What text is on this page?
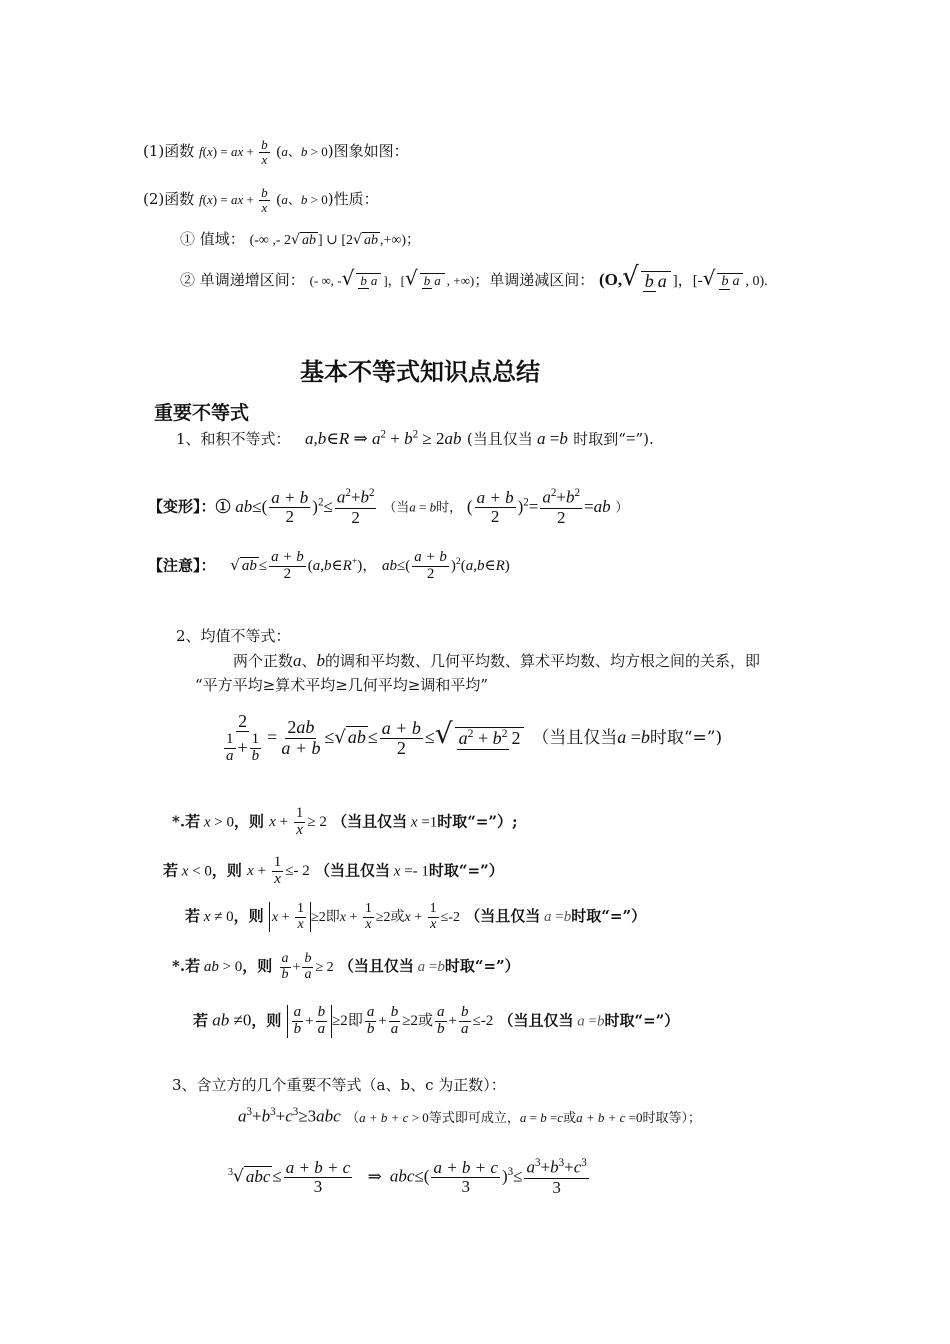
(1)函数 f(x) = ax + $\frac{b}{x} (a$、b > 0)图象如图：
(2)函数 f(x) = ax + $\frac{b}{x} (a$、b > 0)性质：
① 值域： (-∞ ,- 2√ ab ] ∪ [2√ ab ,+∞)；
② 单调递增区间： (- ∞, -√ b a ]，[√ b a , +∞)；单调递减区间： (O,√ b a ]，[-√ b a , 0).
基本不等式知识点总结
重要不等式
1、和积不等式： a,b∈R ⇒ $a^2 + b^2 \ge 2ab$ (当且仅当 a =b 时取到“=”).
【变形】：① $ab\le( \frac{a + b}{2} )^2\le \frac{a^2+b^2}{2}$ （当a = b时， ( $\frac{a + b}{2} )^2= \frac{a^2+b^2}{2} =ab$ ）
【注意】： √ ab ≤ $\frac{a + b}{2}$ (a,b∈R+)， $ab\le( \frac{a + b}{2}$ )$^2(a,b\in R)$
2、均值不等式：
两个正数a、b的调和平均数、几何平均数、算术平均数、均方根之间的关系，即
“平方平均≥算术平均≥几何平均≥调和平均”
$\frac{2}{\frac{1}{a} + \frac{1}{b}} = \frac{2ab}{a + b}$ ≤√ ab ≤ $\frac{a + b}{2}$ ≤√ $a^2 + b^2$ 2 （当且仅当a =b时取“=”)
*.若 x > 0，则 $x + \frac{1}{x} \ge 2$ （当且仅当 x =1时取“=”）;
若 x < 0，则 $x + \frac{1}{x} \le- 2$ （当且仅当 x =- 1时取“=”）
若 x ≠ 0，则 $x + \frac{1}{x} \ge 2$即$x + \frac{1}{x} \ge 2$或$x + \frac{1}{x} \le-2$ （当且仅当 a =b时取“=”）
*.若 ab > 0，则 $\frac{a}{b} + \frac{b}{a} \ge 2$ （当且仅当 a =b时取“=”）
若 ab ≠0，则 $\frac{a}{b} + \frac{b}{a} \ge 2$即 $\frac{a}{b} + \frac{b}{a} \ge 2$或 $\frac{a}{b} + \frac{b}{a} \le-2$ （当且仅当 a =b时取“=”）
3、含立方的几个重要不等式（a、b、c 为正数）：
$a^3+b^3+c^3\ge 3abc$ （a + b + c > 0等式即可成立，a = b =c或a + b + c =0时取等）；
$^3$√ abc ≤ $\frac{a + b + c}{3}$ ⇒ $abc\le( \frac{a + b + c}{3} )^3\le \frac{a^3+b^3+c^3}{3}$
